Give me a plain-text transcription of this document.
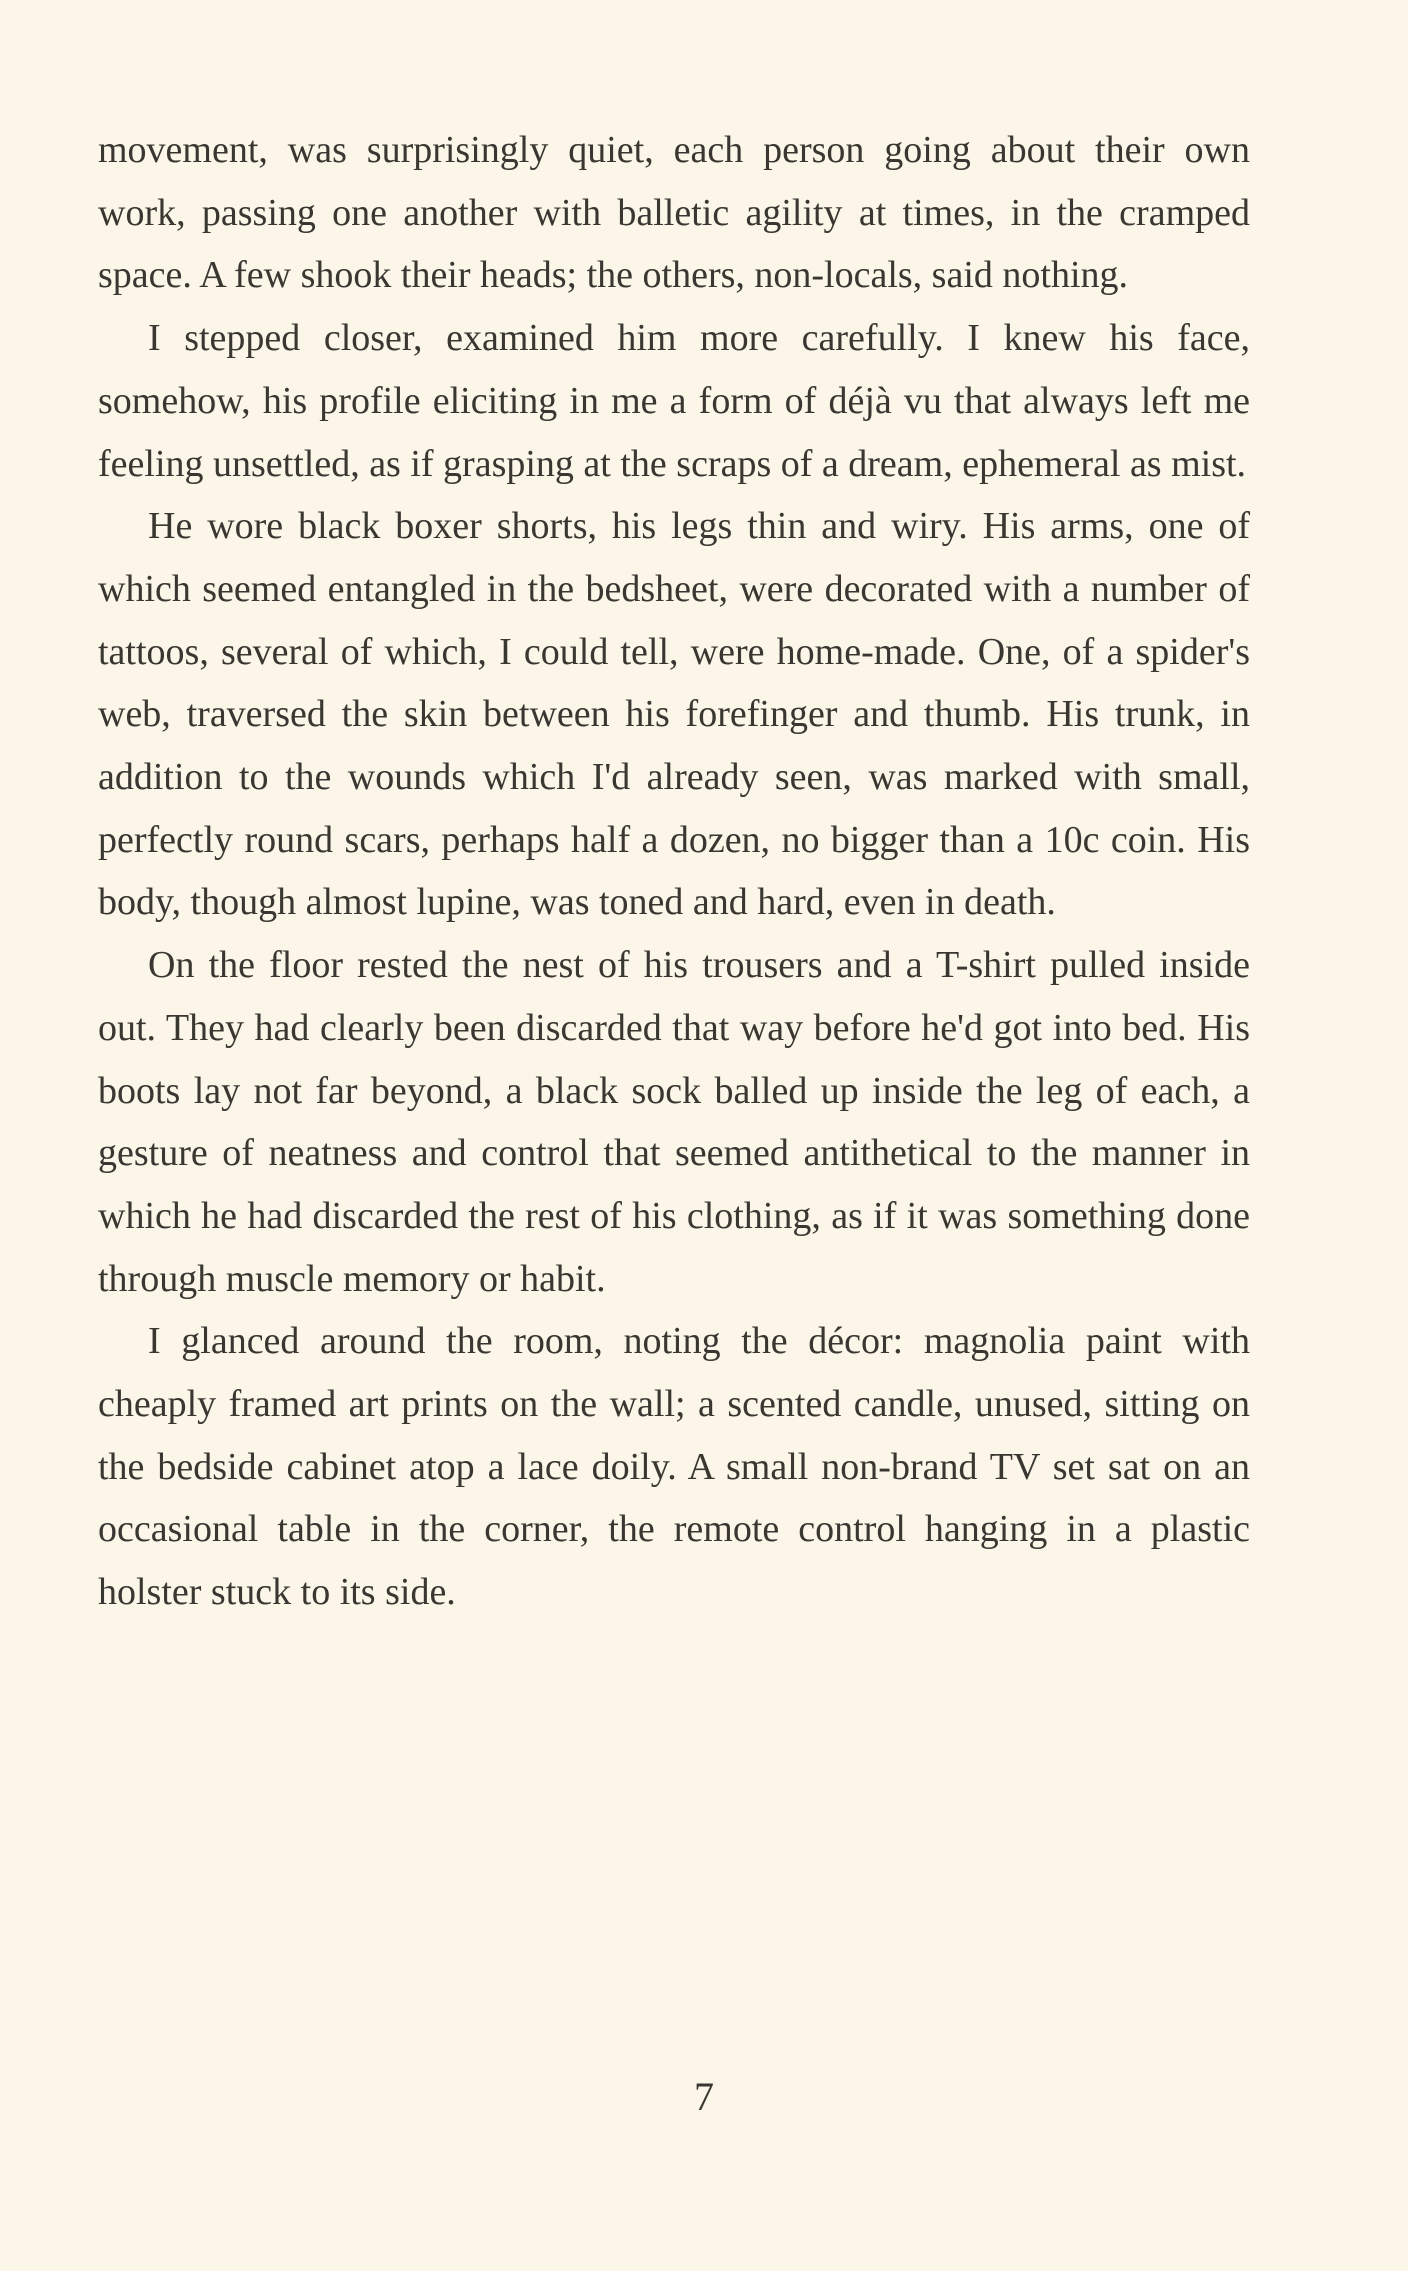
movement, was surprisingly quiet, each person going about their own work, passing one another with balletic agility at times, in the cramped space. A few shook their heads; the others, non-locals, said nothing.

I stepped closer, examined him more carefully. I knew his face, somehow, his profile eliciting in me a form of déjà vu that always left me feeling unsettled, as if grasping at the scraps of a dream, ephemeral as mist.

He wore black boxer shorts, his legs thin and wiry. His arms, one of which seemed entangled in the bedsheet, were decorated with a number of tattoos, several of which, I could tell, were home-made. One, of a spider's web, traversed the skin between his forefinger and thumb. His trunk, in addition to the wounds which I'd already seen, was marked with small, perfectly round scars, perhaps half a dozen, no bigger than a 10c coin. His body, though almost lupine, was toned and hard, even in death.

On the floor rested the nest of his trousers and a T-shirt pulled inside out. They had clearly been discarded that way before he'd got into bed. His boots lay not far beyond, a black sock balled up inside the leg of each, a gesture of neatness and control that seemed antithetical to the manner in which he had discarded the rest of his clothing, as if it was something done through muscle memory or habit.

I glanced around the room, noting the décor: magnolia paint with cheaply framed art prints on the wall; a scented candle, unused, sitting on the bedside cabinet atop a lace doily. A small non-brand TV set sat on an occasional table in the corner, the remote control hanging in a plastic holster stuck to its side.

7
